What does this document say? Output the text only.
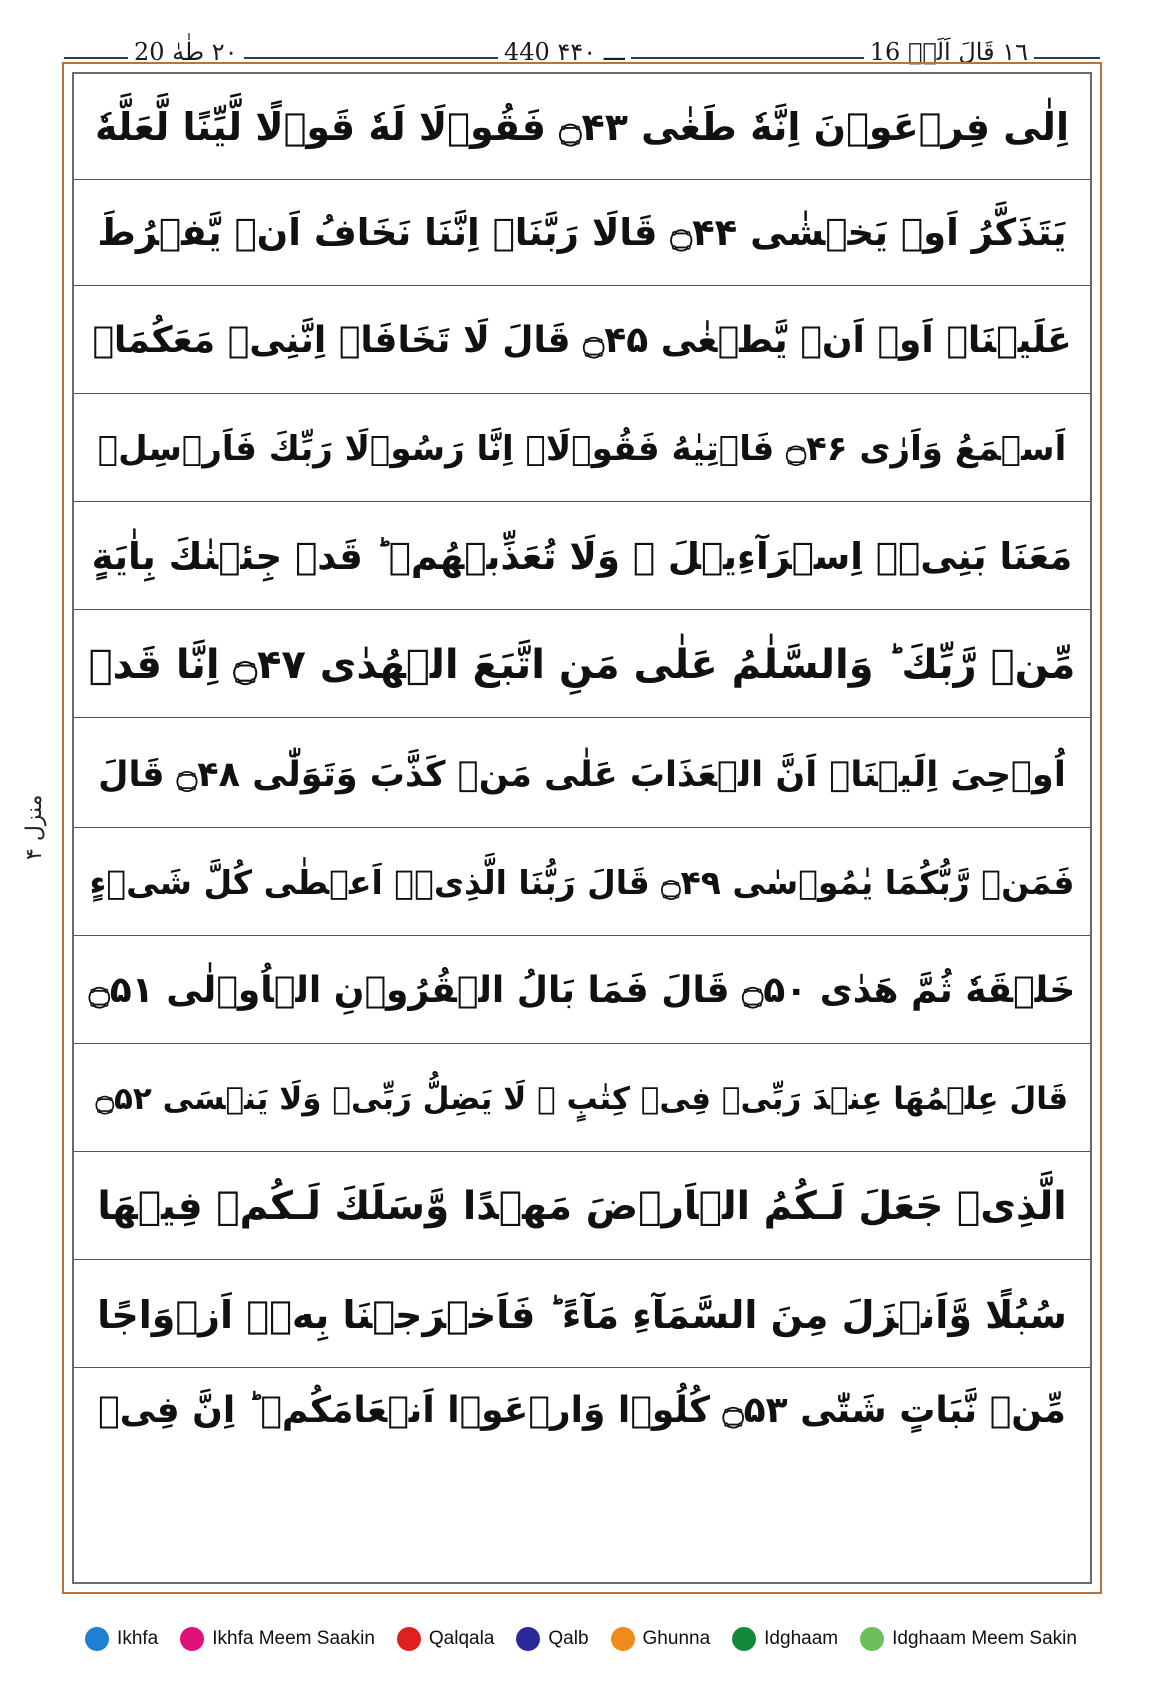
٢٠ طٰهٰ 20	440 ـــ ۴۴۰	١٦ قَالَ اَلَمۡ 16
منزل ۴
اِلٰى فِرۡعَوۡنَ اِنَّهٗ طَغٰى ۝۴۳ فَقُوۡلَا لَهٗ قَوۡلًا لَّيِّنًا لَّعَلَّهٗ
يَتَذَكَّرُ اَوۡ يَخۡشٰى ۝۴۴ قَالَا رَبَّنَاۤ اِنَّنَا نَخَافُ اَنۡ يَّفۡرُطَ
عَلَيۡنَاۤ اَوۡ اَنۡ يَّطۡغٰى ۝۴۵ قَالَ لَا تَخَافَاۤ اِنَّنِىۡ مَعَكُمَاۤ
اَسۡمَعُ وَاَرٰى ۝۴۶ فَاۡتِيٰهُ فَقُوۡلَاۤ اِنَّا رَسُوۡلَا رَبِّكَ فَاَرۡسِلۡ
مَعَنَا بَنِىۡۤ اِسۡرَآءِيۡلَ ۙ وَلَا تُعَذِّبۡهُمۡ ؕ قَدۡ جِئۡنٰكَ بِاٰيَةٍ
مِّنۡ رَّبِّكَ ؕ وَالسَّلٰمُ عَلٰى مَنِ اتَّبَعَ الۡهُدٰى ۝۴۷ اِنَّا قَدۡ
اُوۡحِىَ اِلَيۡنَاۤ اَنَّ الۡعَذَابَ عَلٰى مَنۡ كَذَّبَ وَتَوَلّٰى ۝۴۸ قَالَ
فَمَنۡ رَّبُّكُمَا يٰمُوۡسٰى ۝۴۹ قَالَ رَبُّنَا الَّذِىۡۤ اَعۡطٰى كُلَّ شَىۡءٍ
خَلۡقَهٗ ثُمَّ هَدٰى ۝۵۰ قَالَ فَمَا بَالُ الۡقُرُوۡنِ الۡاُوۡلٰى ۝۵۱
قَالَ عِلۡمُهَا عِنۡدَ رَبِّىۡ فِىۡ كِتٰبٍ ۚ لَا يَضِلُّ رَبِّىۡ وَلَا يَنۡسَى ۝۵۲
الَّذِىۡ جَعَلَ لَـكُمُ الۡاَرۡضَ مَهۡدًا وَّسَلَكَ لَـكُمۡ فِيۡهَا
سُبُلًا وَّاَنۡزَلَ مِنَ السَّمَآءِ مَآءً ؕ فَاَخۡرَجۡنَا بِهٖۤ اَزۡوَاجًا
مِّنۡ نَّبَاتٍ شَتّٰى ۝۵۳ كُلُوۡا وَارۡعَوۡا اَنۡعَامَكُمۡ ؕ اِنَّ فِىۡ
Ikhfa	Ikhfa Meem Saakin	Qalqala	Qalb	Ghunna	Idghaam	Idghaam Meem Sakin
